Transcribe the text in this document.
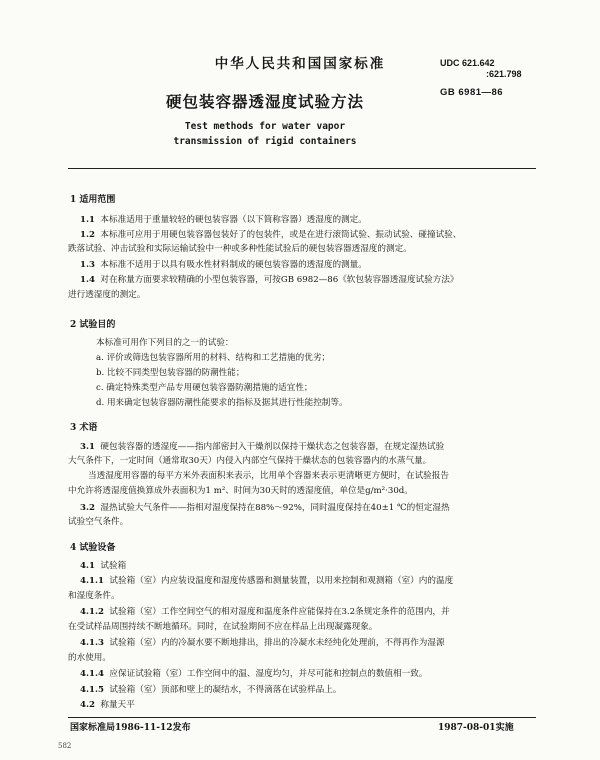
中华人民共和国国家标准	UDC 621.642
:621.798
硬包装容器透湿度试验方法	GB 6981—86
Test methods for water vapor
transmission of rigid containers
1 适用范围
1.1 本标准适用于重量较轻的硬包装容器（以下简称容器）透湿度的测定。
1.2 本标准可应用于用硬包装容器包装好了的包装件，或是在进行滚筒试验、振动试验、碰撞试验、
跌落试验、冲击试验和实际运输试验中一种或多种性能试验后的硬包装容器透湿度的测定。
1.3 本标准不适用于以具有吸水性材料制成的硬包装容器的透湿度的测量。
1.4 对在称量方面要求较精确的小型包装容器，可按GB 6982—86《软包装容器透湿度试验方法》
进行透湿度的测定。
2 试验目的
本标准可用作下列目的之一的试验：
a. 评价或筛选包装容器所用的材料、结构和工艺措施的优劣；
b. 比较不同类型包装容器的防潮性能；
c. 确定特殊类型产品专用硬包装容器防潮措施的适宜性；
d. 用来确定包装容器防潮性能要求的指标及据其进行性能控制等。
3 术语
3.1 硬包装容器的透湿度——指内部密封入干燥剂以保持干燥状态之包装容器，在规定湿热试验
大气条件下，一定时间（通常取30天）内侵入内部空气保持干燥状态的包装容器内的水蒸气量。
当透湿度用容器的每平方米外表面积来表示，比用单个容器来表示更清晰更方便时，在试验报告
中允许将透湿度值换算成外表面积为1 m²、时间为30天时的透湿度值，单位是g/m²·30d。
3.2 湿热试验大气条件——指相对湿度保持在88%～92%，同时温度保持在40±1 ℃的恒定湿热
试验空气条件。
4 试验设备
4.1 试验箱
4.1.1 试验箱（室）内应装设温度和湿度传感器和测量装置，以用来控制和观测箱（室）内的温度
和湿度条件。
4.1.2 试验箱（室）工作空间空气的相对湿度和温度条件应能保持在3.2条规定条件的范围内，并
在受试样品周围持续不断地循环。同时，在试验期间不应在样品上出现凝露现象。
4.1.3 试验箱（室）内的冷凝水要不断地排出，排出的冷凝水未经纯化处理前，不得再作为湿源
的水使用。
4.1.4 应保证试验箱（室）工作空间中的温、湿度均匀，并尽可能和控制点的数值相一致。
4.1.5 试验箱（室）顶部和壁上的凝结水，不得滴落在试验样品上。
4.2 称量天平
国家标准局1986-11-12发布	1987-08-01实施
582
